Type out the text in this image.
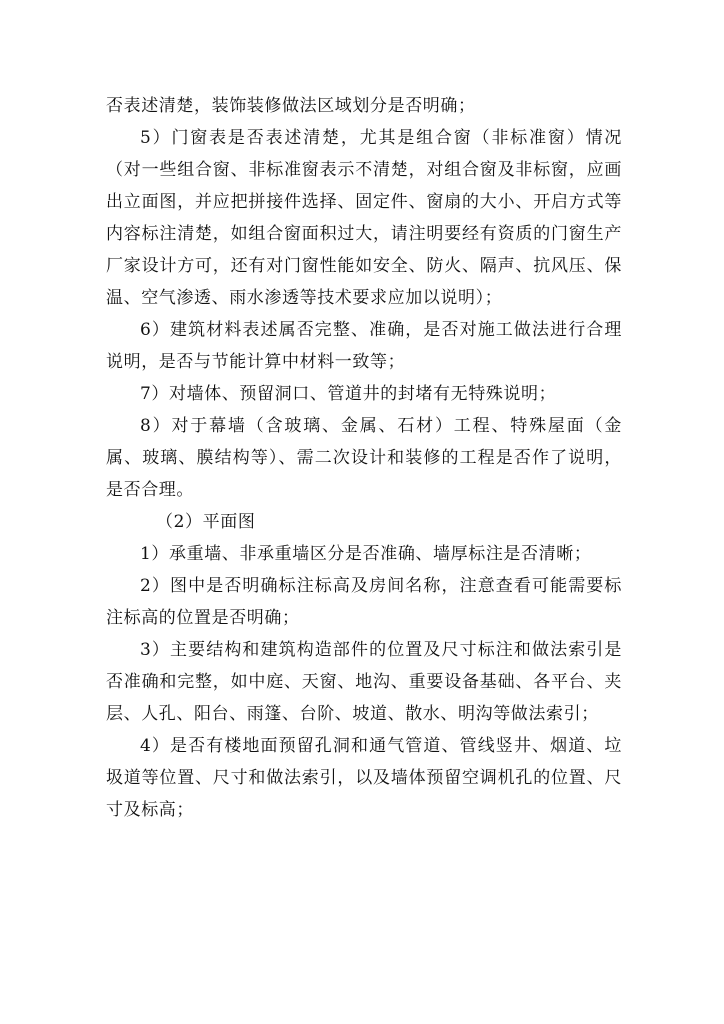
否表述清楚，装饰装修做法区域划分是否明确；

5）门窗表是否表述清楚，尤其是组合窗（非标准窗）情况（对一些组合窗、非标准窗表示不清楚，对组合窗及非标窗，应画出立面图，并应把拼接件选择、固定件、窗扇的大小、开启方式等内容标注清楚，如组合窗面积过大，请注明要经有资质的门窗生产厂家设计方可，还有对门窗性能如安全、防火、隔声、抗风压、保温、空气渗透、雨水渗透等技术要求应加以说明）；

6）建筑材料表述属否完整、准确，是否对施工做法进行合理说明，是否与节能计算中材料一致等；

7）对墙体、预留洞口、管道井的封堵有无特殊说明；

8）对于幕墙（含玻璃、金属、石材）工程、特殊屋面（金属、玻璃、膜结构等）、需二次设计和装修的工程是否作了说明，是否合理。

（2）平面图

1）承重墙、非承重墙区分是否准确、墙厚标注是否清晰；

2）图中是否明确标注标高及房间名称，注意查看可能需要标注标高的位置是否明确；

3）主要结构和建筑构造部件的位置及尺寸标注和做法索引是否准确和完整，如中庭、天窗、地沟、重要设备基础、各平台、夹层、人孔、阳台、雨篷、台阶、坡道、散水、明沟等做法索引；

4）是否有楼地面预留孔洞和通气管道、管线竖井、烟道、垃圾道等位置、尺寸和做法索引，以及墙体预留空调机孔的位置、尺寸及标高；
